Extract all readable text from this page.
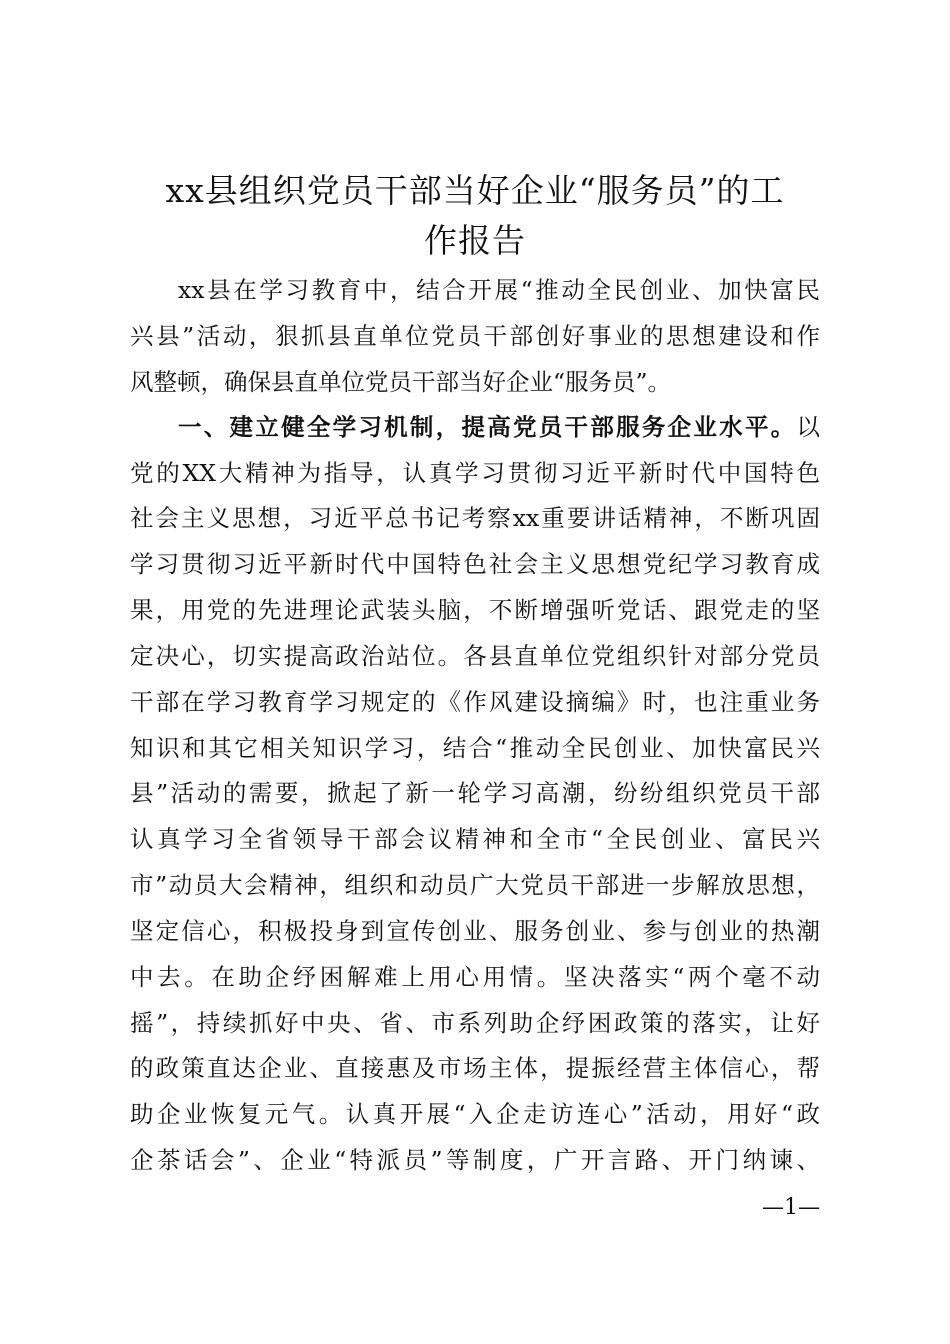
xx县组织党员干部当好企业“服务员”的工
作报告
xx县在学习教育中，结合开展“推动全民创业、加快富民
兴县”活动，狠抓县直单位党员干部创好事业的思想建设和作
风整顿，确保县直单位党员干部当好企业“服务员”。
一、建立健全学习机制，提高党员干部服务企业水平。以
党的XX大精神为指导，认真学习贯彻习近平新时代中国特色
社会主义思想，习近平总书记考察xx重要讲话精神，不断巩固
学习贯彻习近平新时代中国特色社会主义思想党纪学习教育成
果，用党的先进理论武装头脑，不断增强听党话、跟党走的坚
定决心，切实提高政治站位。各县直单位党组织针对部分党员
干部在学习教育学习规定的《作风建设摘编》时，也注重业务
知识和其它相关知识学习，结合“推动全民创业、加快富民兴
县”活动的需要，掀起了新一轮学习高潮，纷纷组织党员干部
认真学习全省领导干部会议精神和全市“全民创业、富民兴
市”动员大会精神，组织和动员广大党员干部进一步解放思想，
坚定信心，积极投身到宣传创业、服务创业、参与创业的热潮
中去。在助企纾困解难上用心用情。坚决落实“两个毫不动
摇”，持续抓好中央、省、市系列助企纾困政策的落实，让好
的政策直达企业、直接惠及市场主体，提振经营主体信心，帮
助企业恢复元气。认真开展“入企走访连心”活动，用好“政
企茶话会”、企业“特派员”等制度，广开言路、开门纳谏、
—1—
